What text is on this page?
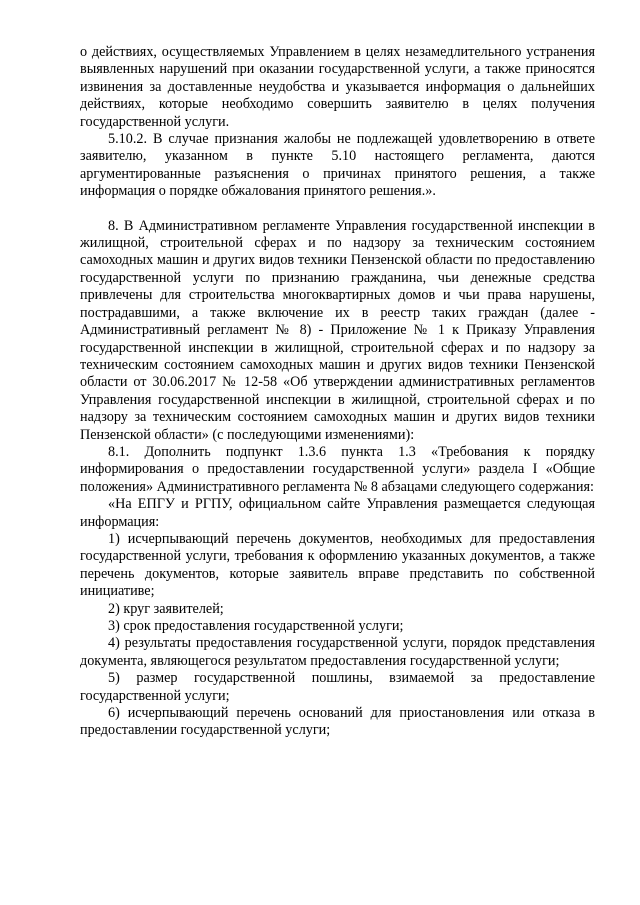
о действиях, осуществляемых Управлением в целях незамедлительного устранения выявленных нарушений при оказании государственной услуги, а также приносятся извинения за доставленные неудобства и указывается информация о дальнейших действиях, которые необходимо совершить заявителю в целях получения государственной услуги.

5.10.2. В случае признания жалобы не подлежащей удовлетворению в ответе заявителю, указанном в пункте 5.10 настоящего регламента, даются аргументированные разъяснения о причинах принятого решения, а также информация о порядке обжалования принятого решения.».

8. В Административном регламенте Управления государственной инспекции в жилищной, строительной сферах и по надзору за техническим состоянием самоходных машин и других видов техники Пензенской области по предоставлению государственной услуги по признанию гражданина, чьи денежные средства привлечены для строительства многоквартирных домов и чьи права нарушены, пострадавшими, а также включение их в реестр таких граждан (далее - Административный регламент № 8) - Приложение № 1 к Приказу Управления государственной инспекции в жилищной, строительной сферах и по надзору за техническим состоянием самоходных машин и других видов техники Пензенской области от 30.06.2017 № 12-58 «Об утверждении административных регламентов Управления государственной инспекции в жилищной, строительной сферах и по надзору за техническим состоянием самоходных машин и других видов техники Пензенской области» (с последующими изменениями):

8.1. Дополнить подпункт 1.3.6 пункта 1.3 «Требования к порядку информирования о предоставлении государственной услуги» раздела I «Общие положения» Административного регламента № 8 абзацами следующего содержания:

«На ЕПГУ и РГПУ, официальном сайте Управления размещается следующая информация:

1) исчерпывающий перечень документов, необходимых для предоставления государственной услуги, требования к оформлению указанных документов, а также перечень документов, которые заявитель вправе представить по собственной инициативе;

2) круг заявителей;

3) срок предоставления государственной услуги;

4) результаты предоставления государственной услуги, порядок представления документа, являющегося результатом предоставления государственной услуги;

5) размер государственной пошлины, взимаемой за предоставление государственной услуги;

6) исчерпывающий перечень оснований для приостановления или отказа в предоставлении государственной услуги;
